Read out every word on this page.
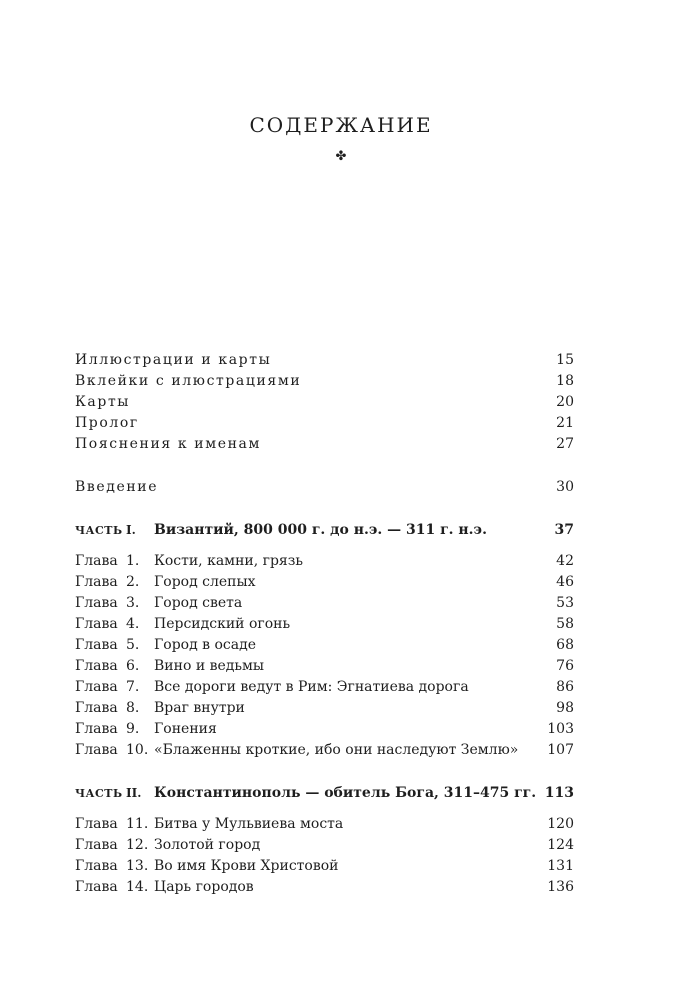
СОДЕРЖАНИЕ
✤
Иллюстрации и карты	15
Вклейки с илюстрациями	18
Карты	20
Пролог	21
Пояснения к именам	27
Введение	30
ЧАСТЬ I. Византий, 800 000 г. до н.э. — 311 г. н.э.	37
Глава 1. Кости, камни, грязь	42
Глава 2. Город слепых	46
Глава 3. Город света	53
Глава 4. Персидский огонь	58
Глава 5. Город в осаде	68
Глава 6. Вино и ведьмы	76
Глава 7. Все дороги ведут в Рим: Эгнатиева дорога	86
Глава 8. Враг внутри	98
Глава 9. Гонения	103
Глава 10. «Блаженны кроткие, ибо они наследуют Землю» 107
ЧАСТЬ II. Константинополь — обитель Бога, 311–475 гг. 113
Глава 11. Битва у Мульвиева моста	120
Глава 12. Золотой город	124
Глава 13. Во имя Крови Христовой	131
Глава 14. Царь городов	136
